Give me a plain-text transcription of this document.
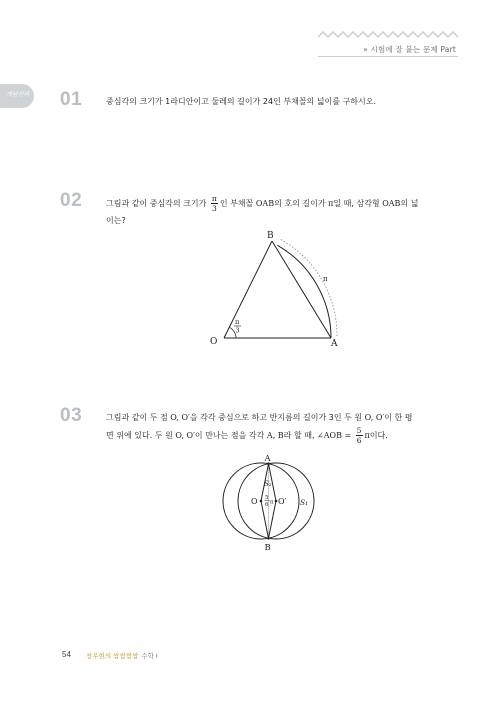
» 시험에 잘 붙는 문제 Part
개념원리 01	중심각의 크기가 1라디안이고 둘레의 길이가 24인 부채꼴의 넓이를 구하시오.
02	그림과 같이 중심각의 크기가 $\frac{\pi}{3}$ 인 부채꼴 OAB의 호의 길이가 π일 때, 삼각형 OAB의 넓
이는?
B
O	A
π
π
3
03	그림과 같이 두 점 O, O′을 각각 중심으로 하고 반지름의 길이가 3인 두 원 O, O′이 한 평
면 위에 있다. 두 원 O, O′이 만나는 점을 각각 A, B라 할 때, ∠AOB = $\frac{5}{6}$ π이다.
A
B
O	O′
S₂
S₁
5
6 π
54 창우현의 쌈쌈쌈쌈 수학 I
